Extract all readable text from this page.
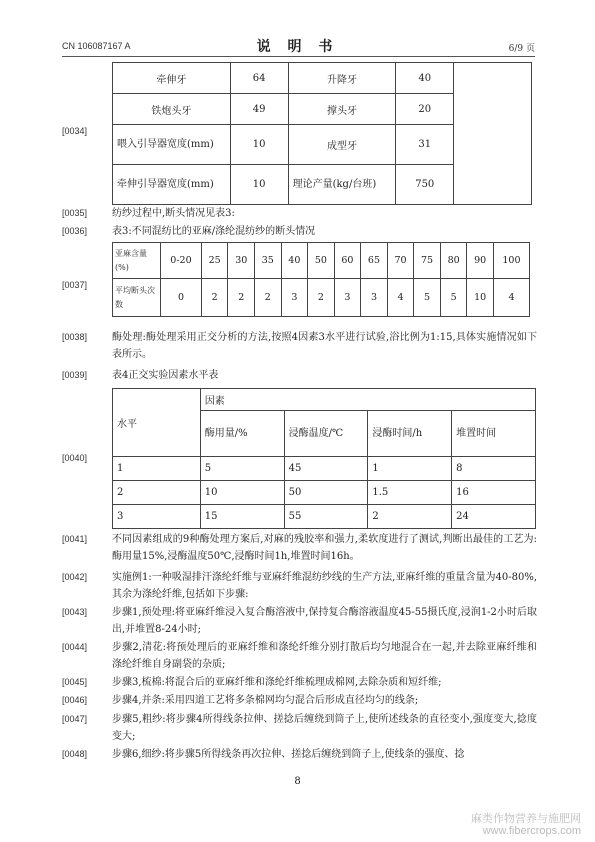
CN 106087167 A	说 明 书	6/9 页
[0034]
牵伸牙	64	升降牙	40	
铁炮头牙	49	撑头牙	20	
喂入引导器宽度(mm)	10	成型牙	31	
牵伸引导器宽度(mm)	10	理论产量(kg/台班)	750	
[0035] 纺纱过程中,断头情况见表3:
[0036] 表3:不同混纺比的亚麻/涤纶混纺纱的断头情况
[0037]
亚麻含量(%)	0-20	25	30	35	40	50	60	65	70	75	80	90	100
平均断头次数	0	2	2	2	3	2	3	3	4	5	5	10	4
[0038] 酶处理:酶处理采用正交分析的方法,按照4因素3水平进行试验,浴比例为1:15,具体实施情况如下表所示。
[0039] 表4正交实验因素水平表
[0040]
水平	因素			
	酶用量/%	浸酶温度/℃	浸酶时间/h	堆置时间
1	5	45	1	8
2	10	50	1.5	16
3	15	55	2	24
[0041] 不同因素组成的9种酶处理方案后,对麻的残胶率和强力,柔软度进行了测试,判断出最佳的工艺为:酶用量15%,浸酶温度50℃,浸酶时间1h,堆置时间16h。
[0042] 实施例1:一种吸湿排汗涤纶纤维与亚麻纤维混纺纱线的生产方法,亚麻纤维的重量含量为40-80%,其余为涤纶纤维,包括如下步骤:
[0043] 步骤1,预处理:将亚麻纤维浸入复合酶溶液中,保持复合酶溶液温度45-55摄氏度,浸润1-2小时后取出,并堆置8-24小时;
[0044] 步骤2,清花:将预处理后的亚麻纤维和涤纶纤维分别打散后均匀地混合在一起,并去除亚麻纤维和涤纶纤维自身副袋的杂质;
[0045] 步骤3,梳棉:将混合后的亚麻纤维和涤纶纤维梳理成棉网,去除杂质和短纤维;
[0046] 步骤4,并条:采用四道工艺将多条棉网均匀混合后形成直径均匀的线条;
[0047] 步骤5,粗纱:将步骤4所得线条拉伸、搓捻后缠绕到筒子上,使所述线条的直径变小,强度变大,捻度变大;
[0048] 步骤6,细纱:将步骤5所得线条再次拉伸、搓捻后缠绕到筒子上,使线条的强度、捻
8
麻类作物营养与施肥网
www.fibercrops.com
